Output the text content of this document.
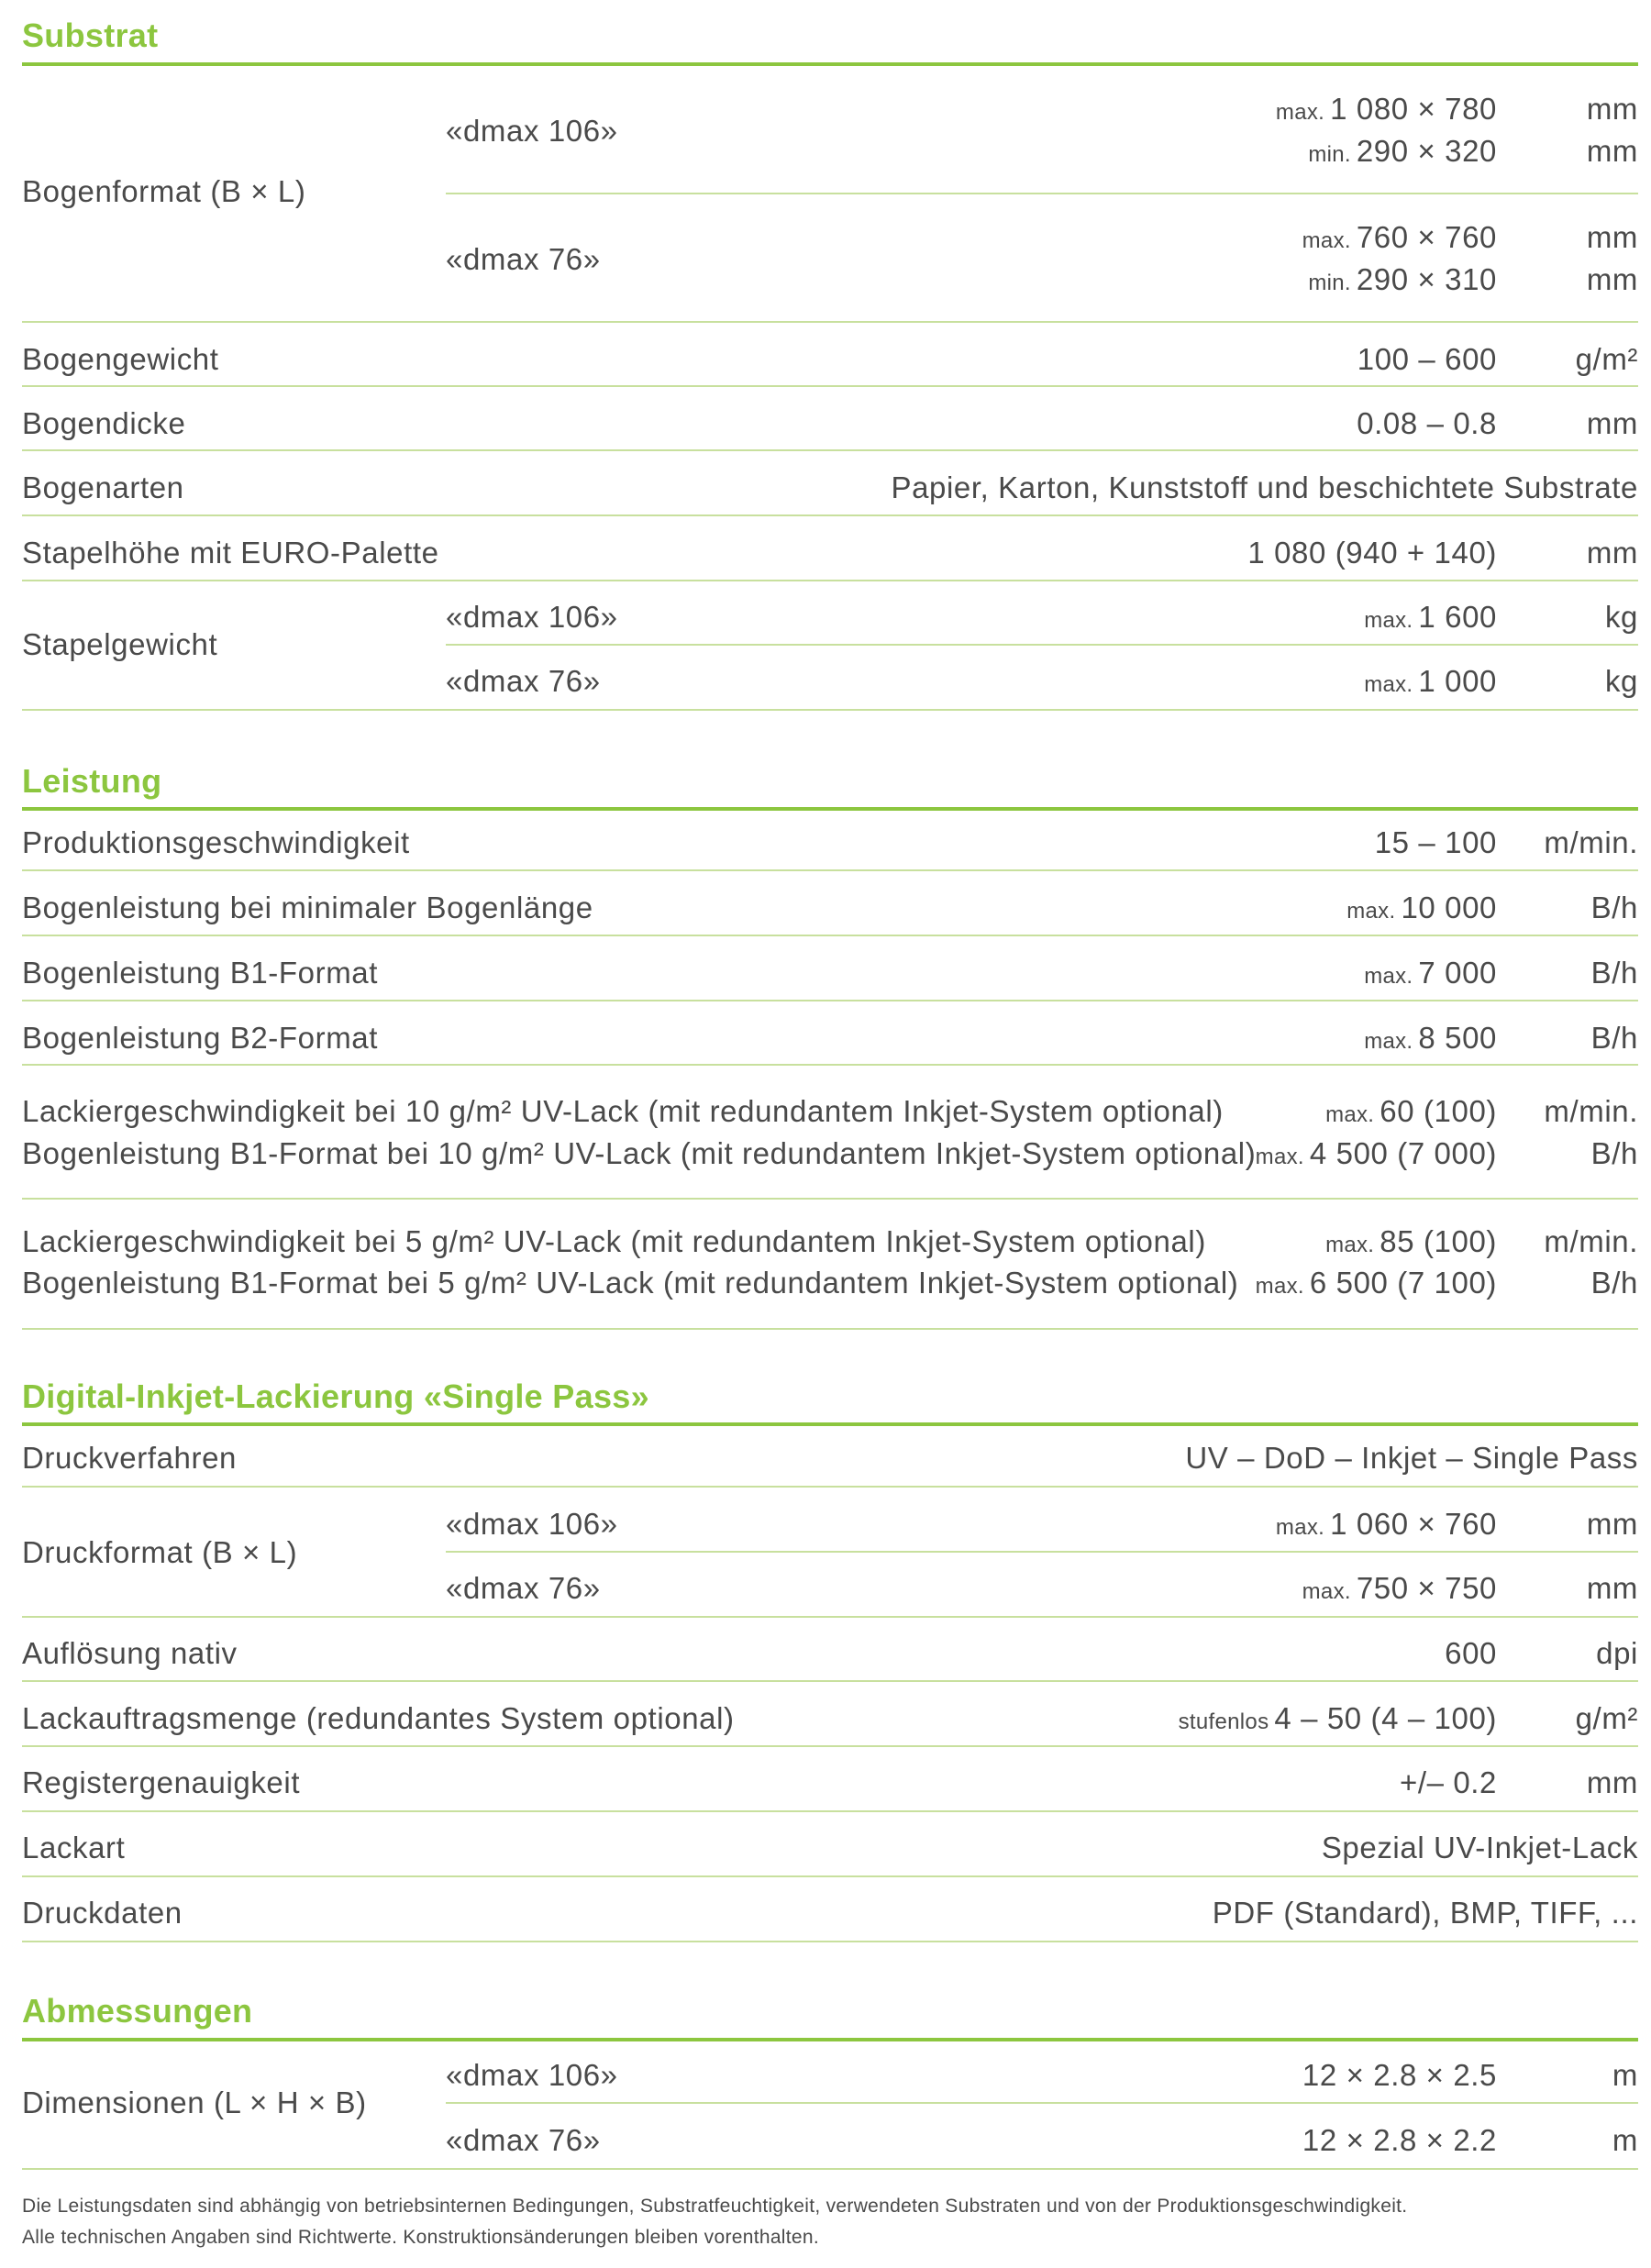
Substrat
Bogenformat (B × L)
«dmax 106»
max. 1 080 × 780	mm
min. 290 × 320	mm
«dmax 76»
max. 760 × 760	mm
min. 290 × 310	mm
Bogengewicht	100 – 600	g/m²
Bogendicke	0.08 – 0.8	mm
Bogenarten	Papier, Karton, Kunststoff und beschichtete Substrate
Stapelhöhe mit EURO-Palette	1 080 (940 + 140)	mm
Stapelgewicht
«dmax 106»	max. 1 600	kg
«dmax 76»	max. 1 000	kg
Leistung
Produktionsgeschwindigkeit	15 – 100 m/min.
Bogenleistung bei minimaler Bogenlänge	max. 10 000	B/h
Bogenleistung B1-Format	max. 7 000	B/h
Bogenleistung B2-Format	max. 8 500	B/h
Lackiergeschwindigkeit bei 10 g/m² UV-Lack (mit redundantem Inkjet-System optional)	max. 60 (100) m/min.
Bogenleistung B1-Format bei 10 g/m² UV-Lack (mit redundantem Inkjet-System optional) max. 4 500 (7 000)	B/h
Lackiergeschwindigkeit bei 5 g/m² UV-Lack (mit redundantem Inkjet-System optional)	max. 85 (100) m/min.
Bogenleistung B1-Format bei 5 g/m² UV-Lack (mit redundantem Inkjet-System optional) max. 6 500 (7 100)	B/h
Digital-Inkjet-Lackierung «Single Pass»
Druckverfahren	UV – DoD – Inkjet – Single Pass
Druckformat (B × L)
«dmax 106»	max. 1 060 × 760	mm
«dmax 76»	max. 750 × 750	mm
Auflösung nativ	600	dpi
Lackauftragsmenge (redundantes System optional)	stufenlos 4 – 50 (4 – 100)	g/m²
Registergenauigkeit	+/– 0.2	mm
Lackart	Spezial UV-Inkjet-Lack
Druckdaten	PDF (Standard), BMP, TIFF, ...
Abmessungen
Dimensionen (L × H × B)
«dmax 106»	12 × 2.8 × 2.5	m
«dmax 76»	12 × 2.8 × 2.2	m
Die Leistungsdaten sind abhängig von betriebsinternen Bedingungen, Substratfeuchtigkeit, verwendeten Substraten und von der Produktionsgeschwindigkeit.
Alle technischen Angaben sind Richtwerte. Konstruktionsänderungen bleiben vorenthalten.
